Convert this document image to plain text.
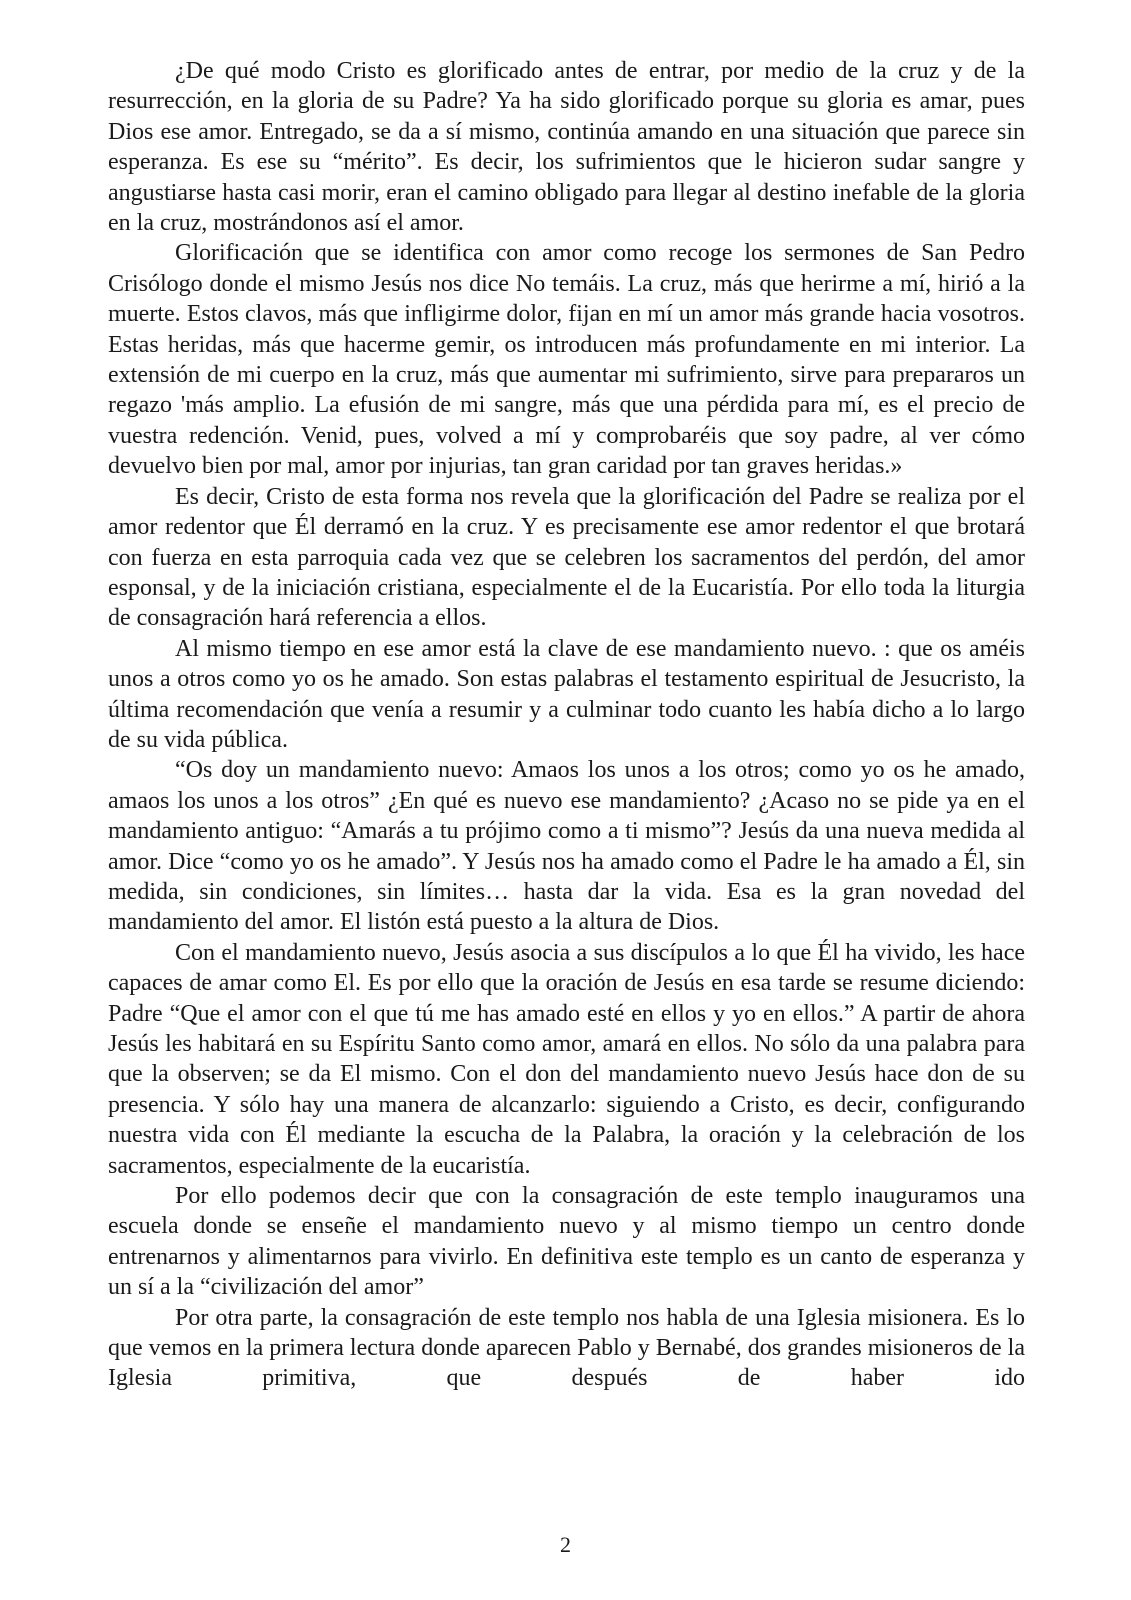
¿De qué modo Cristo es glorificado antes de entrar, por medio de la cruz y de la resurrección, en la gloria de su Padre? Ya ha sido glorificado porque su gloria es amar, pues Dios ese amor. Entregado, se da a sí mismo, continúa amando en una situación que parece sin esperanza. Es ese su “mérito”. Es decir, los sufrimientos que le hicieron sudar sangre y angustiarse hasta casi morir, eran el camino obligado para llegar al destino inefable de la gloria en la cruz, mostrándonos así el amor.

Glorificación que se identifica con amor como recoge los sermones de San Pedro Crisólogo donde el mismo Jesús nos dice No temáis. La cruz, más que herirme a mí, hirió a la muerte. Estos clavos, más que infligirme dolor, fijan en mí un amor más grande hacia vosotros. Estas heridas, más que hacerme gemir, os introducen más profundamente en mi interior. La extensión de mi cuerpo en la cruz, más que aumentar mi sufrimiento, sirve para prepararos un regazo 'más amplio. La efusión de mi sangre, más que una pérdida para mí, es el precio de vuestra redención. Venid, pues, volved a mí y comprobaréis que soy padre, al ver cómo devuelvo bien por mal, amor por injurias, tan gran caridad por tan graves heridas.»

Es decir, Cristo de esta forma nos revela que la glorificación del Padre se realiza por el amor redentor que Él derramó en la cruz. Y es precisamente ese amor redentor el que brotará con fuerza en esta parroquia cada vez que se celebren los sacramentos del perdón, del amor esponsal, y de la iniciación cristiana, especialmente el de la Eucaristía. Por ello toda la liturgia de consagración hará referencia a ellos.

Al mismo tiempo en ese amor está la clave de ese mandamiento nuevo. : que os améis unos a otros como yo os he amado. Son estas palabras el testamento espiritual de Jesucristo, la última recomendación que venía a resumir y a culminar todo cuanto les había dicho a lo largo de su vida pública.

“Os doy un mandamiento nuevo: Amaos los unos a los otros; como yo os he amado, amaos los unos a los otros” ¿En qué es nuevo ese mandamiento? ¿Acaso no se pide ya en el mandamiento antiguo: “Amarás a tu prójimo como a ti mismo”? Jesús da una nueva medida al amor. Dice “como yo os he amado”. Y Jesús nos ha amado como el Padre le ha amado a Él, sin medida, sin condiciones, sin límites… hasta dar la vida. Esa es la gran novedad del mandamiento del amor. El listón está puesto a la altura de Dios.

Con el mandamiento nuevo, Jesús asocia a sus discípulos a lo que Él ha vivido, les hace capaces de amar como El. Es por ello que la oración de Jesús en esa tarde se resume diciendo: Padre “Que el amor con el que tú me has amado esté en ellos y yo en ellos.” A partir de ahora Jesús les habitará en su Espíritu Santo como amor, amará en ellos. No sólo da una palabra para que la observen; se da El mismo. Con el don del mandamiento nuevo Jesús hace don de su presencia. Y sólo hay una manera de alcanzarlo: siguiendo a Cristo, es decir, configurando nuestra vida con Él mediante la escucha de la Palabra, la oración y la celebración de los sacramentos, especialmente de la eucaristía.

Por ello podemos decir que con la consagración de este templo inauguramos una escuela donde se enseñe el mandamiento nuevo y al mismo tiempo un centro donde entrenarnos y alimentarnos para vivirlo. En definitiva este templo es un canto de esperanza y un sí a la “civilización del amor”

Por otra parte, la consagración de este templo nos habla de una Iglesia misionera. Es lo que vemos en la primera lectura donde aparecen Pablo y Bernabé, dos grandes misioneros de la Iglesia primitiva, que después de haber ido

2
